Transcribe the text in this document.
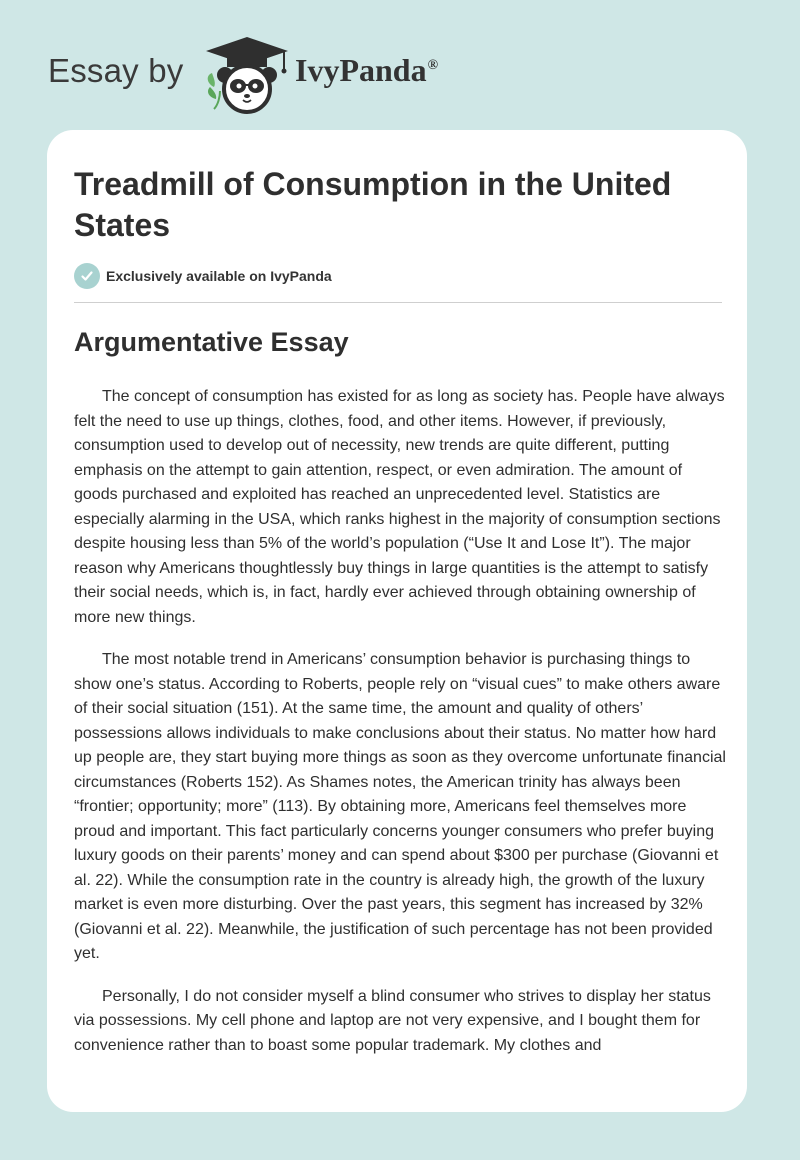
Essay by	IvyPanda®
Treadmill of Consumption in the United States
Exclusively available on IvyPanda
Argumentative Essay

The concept of consumption has existed for as long as society has. People have always felt the need to use up things, clothes, food, and other items. However, if previously, consumption used to develop out of necessity, new trends are quite different, putting emphasis on the attempt to gain attention, respect, or even admiration. The amount of goods purchased and exploited has reached an unprecedented level. Statistics are especially alarming in the USA, which ranks highest in the majority of consumption sections despite housing less than 5% of the world’s population (“Use It and Lose It”). The major reason why Americans thoughtlessly buy things in large quantities is the attempt to satisfy their social needs, which is, in fact, hardly ever achieved through obtaining ownership of more new things.

The most notable trend in Americans’ consumption behavior is purchasing things to show one’s status. According to Roberts, people rely on “visual cues” to make others aware of their social situation (151). At the same time, the amount and quality of others’ possessions allows individuals to make conclusions about their status. No matter how hard up people are, they start buying more things as soon as they overcome unfortunate financial circumstances (Roberts 152). As Shames notes, the American trinity has always been “frontier; opportunity; more” (113). By obtaining more, Americans feel themselves more proud and important. This fact particularly concerns younger consumers who prefer buying luxury goods on their parents’ money and can spend about $300 per purchase (Giovanni et al. 22). While the consumption rate in the country is already high, the growth of the luxury market is even more disturbing. Over the past years, this segment has increased by 32% (Giovanni et al. 22). Meanwhile, the justification of such percentage has not been provided yet.

Personally, I do not consider myself a blind consumer who strives to display her status via possessions. My cell phone and laptop are not very expensive, and I bought them for convenience rather than to boast some popular trademark. My clothes and
